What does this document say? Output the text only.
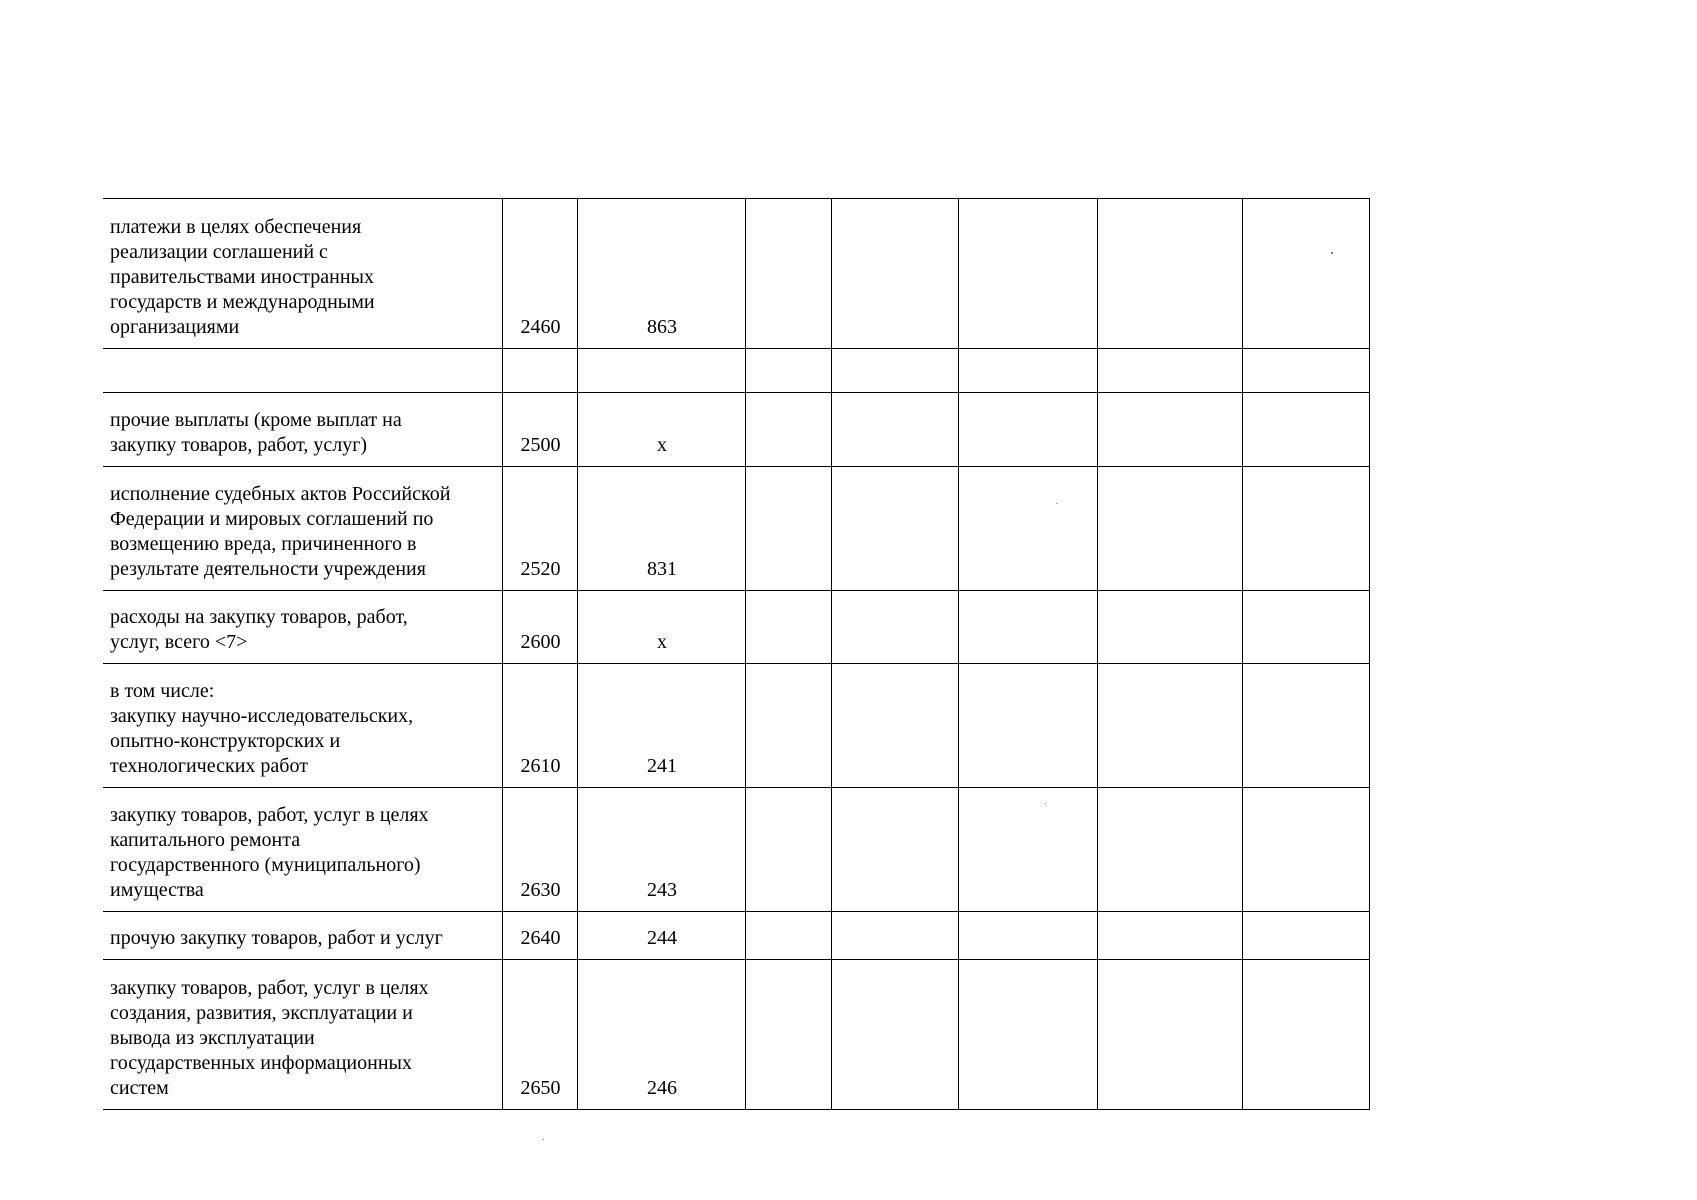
платежи в целях обеспечения
реализации соглашений с
правительствами иностранных
государств и международными
организациями	2460	863						

прочие выплаты (кроме выплат на
закупку товаров, работ, услуг)	2500	х						
исполнение судебных актов Российской
Федерации и мировых соглашений по
возмещению вреда, причиненного в
результате деятельности учреждения	2520	831						
расходы на закупку товаров, работ,
услуг, всего <7>	2600	х						
в том числе:
закупку научно-исследовательских,
опытно-конструкторских и
технологических работ	2610	241						
закупку товаров, работ, услуг в целях
капитального ремонта
государственного (муниципального)
имущества	2630	243						
прочую закупку товаров, работ и услуг	2640	244						
закупку товаров, работ, услуг в целях
создания, развития, эксплуатации и
вывода из эксплуатации
государственных информационных
систем	2650	246						
